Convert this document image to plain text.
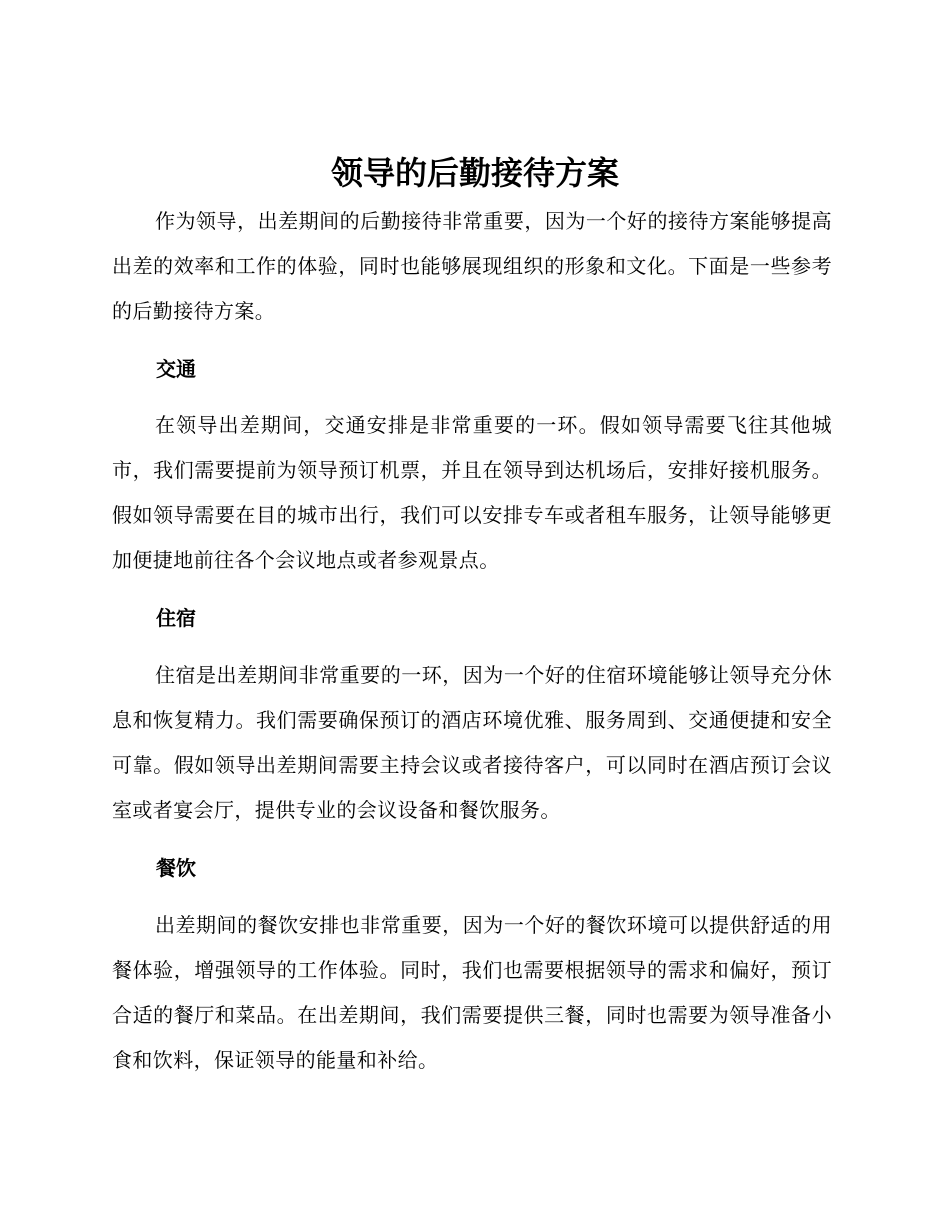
领导的后勤接待方案

作为领导，出差期间的后勤接待非常重要，因为一个好的接待方案能够提高出差的效率和工作的体验，同时也能够展现组织的形象和文化。下面是一些参考的后勤接待方案。

交通

在领导出差期间，交通安排是非常重要的一环。假如领导需要飞往其他城市，我们需要提前为领导预订机票，并且在领导到达机场后，安排好接机服务。假如领导需要在目的城市出行，我们可以安排专车或者租车服务，让领导能够更加便捷地前往各个会议地点或者参观景点。

住宿

住宿是出差期间非常重要的一环，因为一个好的住宿环境能够让领导充分休息和恢复精力。我们需要确保预订的酒店环境优雅、服务周到、交通便捷和安全可靠。假如领导出差期间需要主持会议或者接待客户，可以同时在酒店预订会议室或者宴会厅，提供专业的会议设备和餐饮服务。

餐饮

出差期间的餐饮安排也非常重要，因为一个好的餐饮环境可以提供舒适的用餐体验，增强领导的工作体验。同时，我们也需要根据领导的需求和偏好，预订合适的餐厅和菜品。在出差期间，我们需要提供三餐，同时也需要为领导准备小食和饮料，保证领导的能量和补给。
